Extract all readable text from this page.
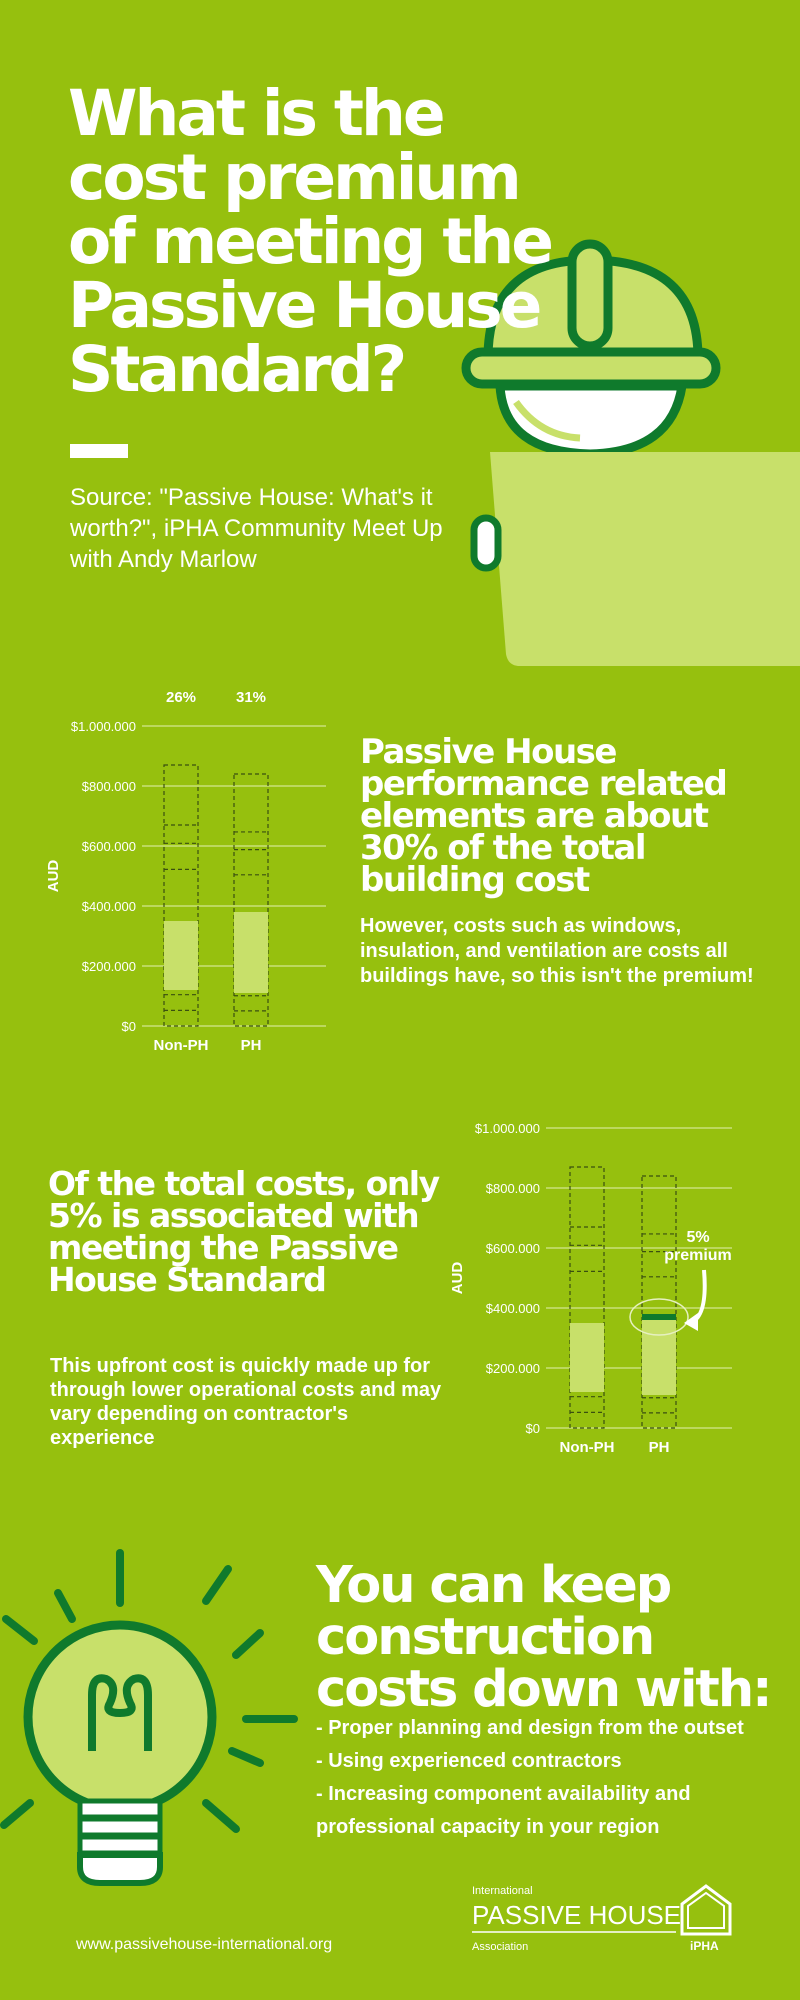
What is the cost premium of meeting the Passive House Standard?
Source: "Passive House: What's it worth?", iPHA Community Meet Up with Andy Marlow
$0
$200.000
$400.000
$600.000
$800.000
$1.000.000
AUD
Non-PH
26%
PH
31%
Passive House performance related elements are about 30% of the total building cost
However, costs such as windows, insulation, and ventilation are costs all buildings have, so this isn't the premium!
Of the total costs, only 5% is associated with meeting the Passive House Standard
This upfront cost is quickly made up for through lower operational costs and may vary depending on contractor's experience	$0
$200.000
$400.000
$600.000
$800.000
$1.000.000
AUD
Non-PH PH
5%
premium
You can keep construction costs down with:
- Proper planning and design from the outset
- Using experienced contractors
- Increasing component availability and professional capacity in your region
www.passivehouse-international.org
International
PASSIVE HOUSE
Association	iPHA
